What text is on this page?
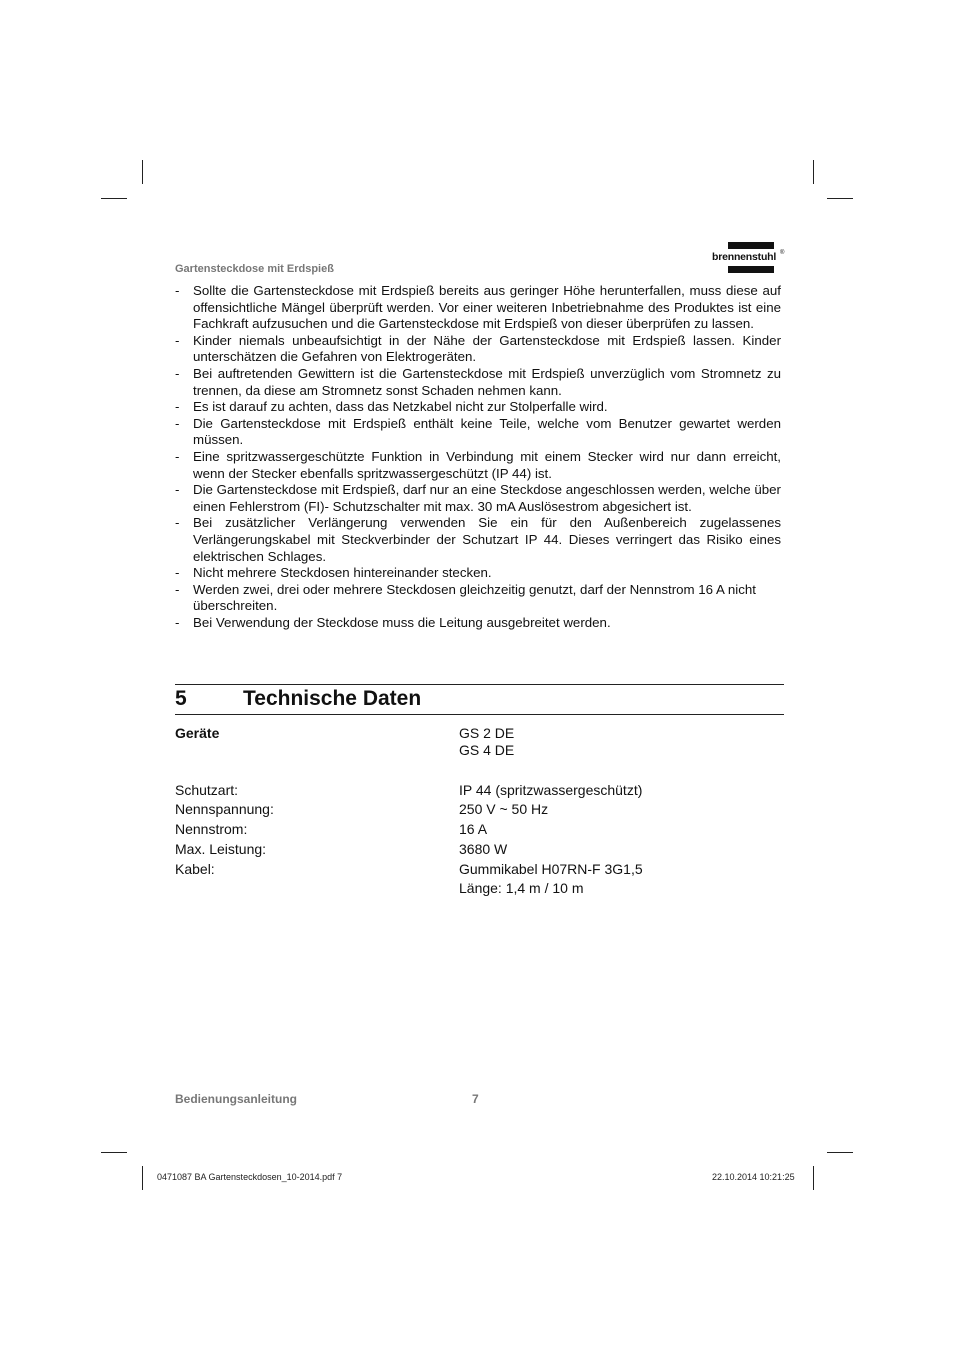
Gartensteckdose mit Erdspieß
brennenstuhl ®
- Sollte die Gartensteckdose mit Erdspieß bereits aus geringer Höhe herunterfallen, muss diese auf offensichtliche Mängel überprüft werden. Vor einer weiteren Inbetriebnahme des Produktes ist eine Fachkraft aufzusuchen und die Gartensteckdose mit Erdspieß von dieser überprüfen zu lassen.
- Kinder niemals unbeaufsichtigt in der Nähe der Gartensteckdose mit Erdspieß lassen. Kinder unterschätzen die Gefahren von Elektrogeräten.
- Bei auftretenden Gewittern ist die Gartensteckdose mit Erdspieß unverzüglich vom Stromnetz zu trennen, da diese am Stromnetz sonst Schaden nehmen kann.
- Es ist darauf zu achten, dass das Netzkabel nicht zur Stolperfalle wird.
- Die Gartensteckdose mit Erdspieß enthält keine Teile, welche vom Benutzer gewartet werden müssen.
- Eine spritzwassergeschützte Funktion in Verbindung mit einem Stecker wird nur dann erreicht, wenn der Stecker ebenfalls spritzwassergeschützt (IP 44) ist.
- Die Gartensteckdose mit Erdspieß, darf nur an eine Steckdose angeschlossen werden, welche über einen Fehlerstrom (FI)- Schutzschalter mit max. 30 mA Auslösestrom abgesichert ist.
- Bei zusätzlicher Verlängerung verwenden Sie ein für den Außenbereich zugelassenes Verlängerungskabel mit Steckverbinder der Schutzart IP 44. Dieses verringert das Risiko eines elektrischen Schlages.
- Nicht mehrere Steckdosen hintereinander stecken.
- Werden zwei, drei oder mehrere Steckdosen gleichzeitig genutzt, darf der Nennstrom 16 A nicht überschreiten.
- Bei Verwendung der Steckdose muss die Leitung ausgebreitet werden.
5	Technische Daten
Geräte	GS 2 DE
GS 4 DE
Schutzart:	IP 44 (spritzwassergeschützt)
Nennspannung:	250 V ~ 50 Hz
Nennstrom:	16 A
Max. Leistung:	3680 W
Kabel:	Gummikabel H07RN-F 3G1,5
Länge: 1,4 m / 10 m
Bedienungsanleitung	7
0471087 BA Gartensteckdosen_10-2014.pdf 7	22.10.2014 10:21:25
